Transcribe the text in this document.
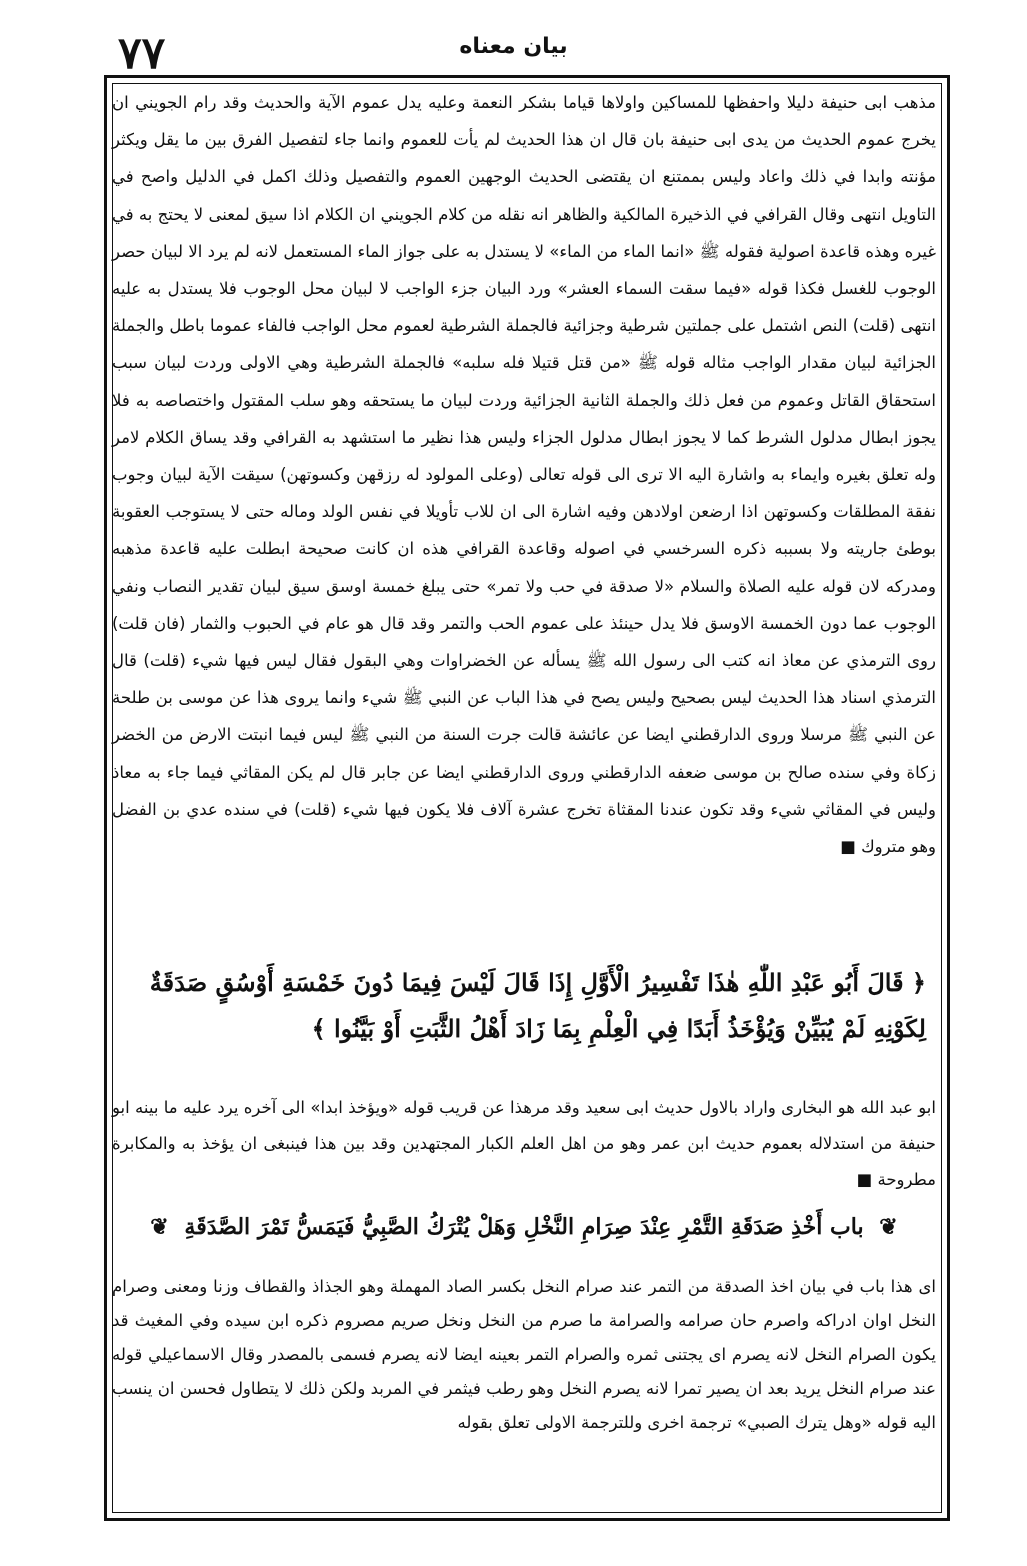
٧٧	بيان معناه
مذهب ابی حنیفة دليلا واحفظها للمساكين واولاها قياما بشكر النعمة وعليه يدل عموم الآية والحديث وقد رام الجويني ان يخرج عموم الحديث من يدى ابی حنیفة بان قال ان هذا الحديث لم يأت للعموم وانما جاء لتفصيل الفرق بين ما يقل ويكثر مؤنته وابدا في ذلك واعاد وليس بممتنع ان يقتضى الحديث الوجهين العموم والتفصيل وذلك اكمل في الدليل واصح في التاويل انتهى وقال القرافي في الذخيرة المالكية والظاهر انه نقله من كلام الجويني ان الكلام اذا سيق لمعنى لا يحتج به في غيره وهذه قاعدة اصولية فقوله ﷺ «انما الماء من الماء» لا يستدل به على جواز الماء المستعمل لانه لم يرد الا لبيان حصر الوجوب للغسل فكذا قوله «فيما سقت السماء العشر» ورد البيان جزء الواجب لا لبيان محل الوجوب فلا يستدل به عليه انتهى (قلت) النص اشتمل على جملتين شرطية وجزائية فالجملة الشرطية لعموم محل الواجب فالفاء عموما باطل والجملة الجزائية لبيان مقدار الواجب مثاله قوله ﷺ «من قتل قتيلا فله سلبه» فالجملة الشرطية وهي الاولى وردت لبيان سبب استحقاق القاتل وعموم من فعل ذلك والجملة الثانية الجزائية وردت لبيان ما يستحقه وهو سلب المقتول واختصاصه به فلا يجوز ابطال مدلول الشرط كما لا يجوز ابطال مدلول الجزاء وليس هذا نظير ما استشهد به القرافي وقد يساق الكلام لامر وله تعلق بغيره وايماء به واشارة اليه الا ترى الى قوله تعالى (وعلى المولود له رزقهن وكسوتهن) سيقت الآية لبيان وجوب نفقة المطلقات وكسوتهن اذا ارضعن اولادهن وفيه اشارة الى ان للاب تأويلا في نفس الولد وماله حتى لا يستوجب العقوبة بوطئ جاريته ولا بسببه ذكره السرخسي في اصوله وقاعدة القرافي هذه ان كانت صحيحة ابطلت عليه قاعدة مذهبه ومدركه لان قوله عليه الصلاة والسلام «لا صدقة في حب ولا تمر» حتى يبلغ خمسة اوسق سيق لبيان تقدير النصاب ونفي الوجوب عما دون الخمسة الاوسق فلا يدل حينئذ على عموم الحب والتمر وقد قال هو عام في الحبوب والثمار (فان قلت) روى الترمذي عن معاذ انه كتب الى رسول الله ﷺ يسأله عن الخضراوات وهي البقول فقال ليس فيها شيء (قلت) قال الترمذي اسناد هذا الحديث ليس بصحيح وليس يصح في هذا الباب عن النبي ﷺ شيء وانما يروى هذا عن موسى بن طلحة عن النبي ﷺ مرسلا وروى الدارقطني ايضا عن عائشة قالت جرت السنة من النبي ﷺ ليس فيما انبتت الارض من الخضر زكاة وفي سنده صالح بن موسى ضعفه الدارقطني وروى الدارقطني ايضا عن جابر قال لم يكن المقاثي فيما جاء به معاذ وليس في المقاثي شيء وقد تكون عندنا المقثاة تخرج عشرة آلاف فلا يكون فيها شيء (قلت) في سنده عدي بن الفضل وهو متروك ■
﴿ قَالَ أَبُو عَبْدِ اللّٰهِ هٰذَا تَفْسِيرُ الْأَوَّلِ إِذَا قَالَ لَيْسَ فِيمَا دُونَ خَمْسَةِ أَوْسُقٍ صَدَقَةٌ لِكَوْنِهِ لَمْ يُبَيِّنْ وَيُؤْخَذُ أَبَدًا فِي الْعِلْمِ بِمَا زَادَ أَهْلُ الثَّبَتِ أَوْ بَيَّنُوا ﴾
ابو عبد الله هو البخاری واراد بالاول حديث ابی سعيد وقد مرهذا عن قريب قوله «ويؤخذ ابدا» الى آخره يرد عليه ما بينه ابو حنيفة من استدلاله بعموم حديث ابن عمر وهو من اهل العلم الكبار المجتهدين وقد بين هذا فينبغى ان يؤخذ به والمكابرة مطروحة ■
❦ باب أَخْذِ صَدَقَةِ التَّمْرِ عِنْدَ صِرَامِ النَّخْلِ وَهَلْ يُتْرَكُ الصَّبِيُّ فَيَمَسُّ تَمْرَ الصَّدَقَةِ ❦
اى هذا باب في بيان اخذ الصدقة من التمر عند صرام النخل بكسر الصاد المهملة وهو الجذاذ والقطاف وزنا ومعنى وصرام النخل اوان ادراكه واصرم حان صرامه والصرامة ما صرم من النخل ونخل صريم مصروم ذكره ابن سيده وفي المغيث قد يكون الصرام النخل لانه يصرم اى يجتنى ثمره والصرام التمر بعينه ايضا لانه يصرم فسمى بالمصدر وقال الاسماعيلي قوله عند صرام النخل يريد بعد ان يصير تمرا لانه يصرم النخل وهو رطب فيثمر في المربد ولكن ذلك لا يتطاول فحسن ان ينسب اليه قوله «وهل يترك الصبي» ترجمة اخرى وللترجمة الاولى تعلق بقوله
